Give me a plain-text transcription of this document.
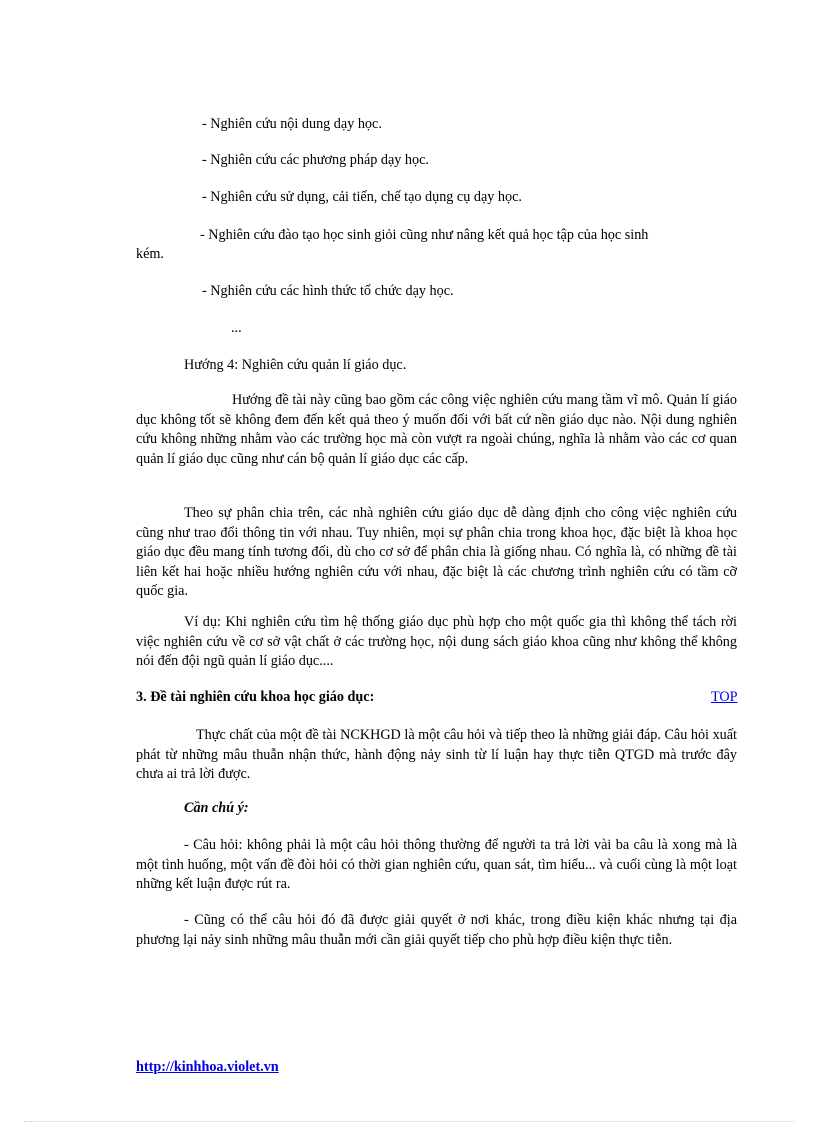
- Nghiên cứu nội dung dạy học.
- Nghiên cứu các phương pháp dạy học.
- Nghiên cứu sử dụng, cải tiến, chế tạo dụng cụ dạy học.
- Nghiên cứu đào tạo học sinh giỏi cũng như nâng kết quả học tập của học sinh
kém.
- Nghiên cứu các hình thức tổ chức dạy học.
...
Hướng 4: Nghiên cứu quản lí giáo dục.

Hướng đề tài này cũng bao gồm các công việc nghiên cứu mang tầm vĩ mô. Quản lí giáo dục không tốt sẽ không đem đến kết quả theo ý muốn đối với bất cứ nền giáo dục nào. Nội dung nghiên cứu không những nhằm vào các trường học mà còn vượt ra ngoài chúng, nghĩa là nhằm vào các cơ quan quản lí giáo dục cũng như cán bộ quản lí giáo dục các cấp.

Theo sự phân chia trên, các nhà nghiên cứu giáo dục dễ dàng định cho công việc nghiên cứu cũng như trao đổi thông tin với nhau. Tuy nhiên, mọi sự phân chia trong khoa học, đặc biệt là khoa học giáo dục đều mang tính tương đối, dù cho cơ sở để phân chia là giống nhau. Có nghĩa là, có những đề tài liên kết hai hoặc nhiều hướng nghiên cứu với nhau, đặc biệt là các chương trình nghiên cứu có tầm cỡ quốc gia.

Ví dụ: Khi nghiên cứu tìm hệ thống giáo dục phù hợp cho một quốc gia thì không thể tách rời việc nghiên cứu về cơ sở vật chất ở các trường học, nội dung sách giáo khoa cũng như không thể không nói đến đội ngũ quản lí giáo dục....

3. Đề tài nghiên cứu khoa học giáo dục:	TOP

Thực chất của một đề tài NCKHGD là một câu hỏi và tiếp theo là những giải đáp. Câu hỏi xuất phát từ những mâu thuẫn nhận thức, hành động nảy sinh từ lí luận hay thực tiễn QTGD mà trước đây chưa ai trả lời được.

Cần chú ý:

- Câu hỏi: không phải là một câu hỏi thông thường để người ta trả lời vài ba câu là xong mà là một tình huống, một vấn đề đòi hỏi có thời gian nghiên cứu, quan sát, tìm hiểu... và cuối cùng là một loạt những kết luận được rút ra.

- Cũng có thể câu hỏi đó đã được giải quyết ở nơi khác, trong điều kiện khác nhưng tại địa phương lại nảy sinh những mâu thuẫn mới cần giải quyết tiếp cho phù hợp điều kiện thực tiễn.

http://kinhhoa.violet.vn
